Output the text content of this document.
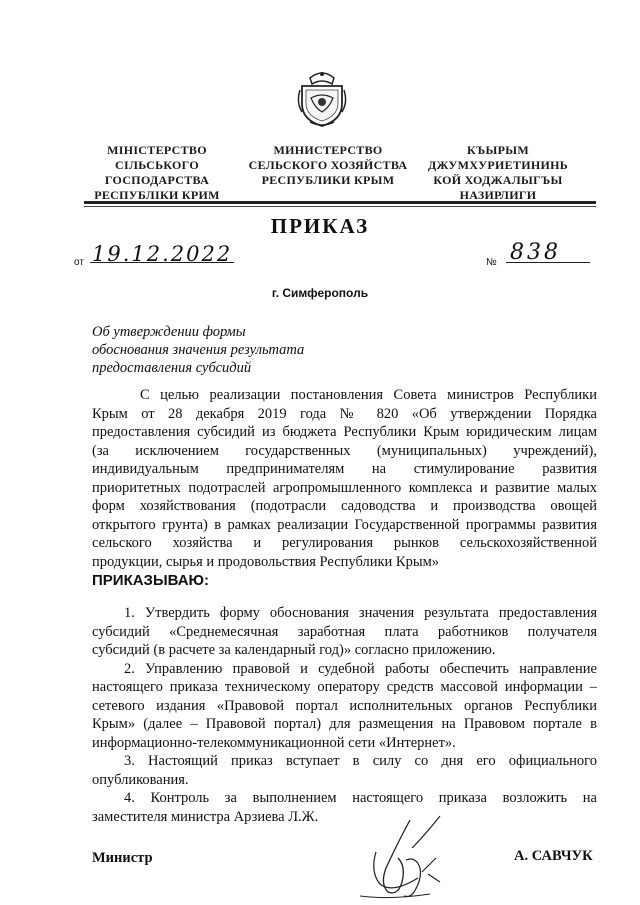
МІНІСТЕРСТВО
СІЛЬСЬКОГО
ГОСПОДАРСТВА
РЕСПУБЛІКИ КРИМ
МИНИСТЕРСТВО
СЕЛЬСКОГО ХОЗЯЙСТВА
РЕСПУБЛИКИ КРЫМ
КЪЫРЫМ
ДЖУМХУРИЕТИНИНЬ
КОЙ ХОДЖАЛЫГЪЫ
НАЗИРЛИГИ
ПРИКАЗ
от 19.12.2022	№ 838
г. Симферополь
Об утверждении формы
обоснования значения результата
предоставления субсидий
С целью реализации постановления Совета министров Республики
Крым от 28 декабря 2019 года № 820 «Об утверждении Порядка
предоставления субсидий из бюджета Республики Крым юридическим лицам
(за исключением государственных (муниципальных) учреждений),
индивидуальным предпринимателям на стимулирование развития
приоритетных подотраслей агропромышленного комплекса и развитие малых
форм хозяйствования (подотрасли садоводства и производства овощей
открытого грунта) в рамках реализации Государственной программы развития
сельского хозяйства и регулирования рынков сельскохозяйственной
продукции, сырья и продовольствия Республики Крым»
ПРИКАЗЫВАЮ:
1. Утвердить форму обоснования значения результата предоставления
субсидий «Среднемесячная заработная плата работников получателя
субсидий (в расчете за календарный год)» согласно приложению.
2. Управлению правовой и судебной работы обеспечить направление
настоящего приказа техническому оператору средств массовой информации –
сетевого издания «Правовой портал исполнительных органов Республики
Крым» (далее – Правовой портал) для размещения на Правовом портале в
информационно-телекоммуникационной сети «Интернет».
3. Настоящий приказ вступает в силу со дня его официального
опубликования.
4. Контроль за выполнением настоящего приказа возложить на
заместителя министра Арзиева Л.Ж.
Министр	А. САВЧУК
